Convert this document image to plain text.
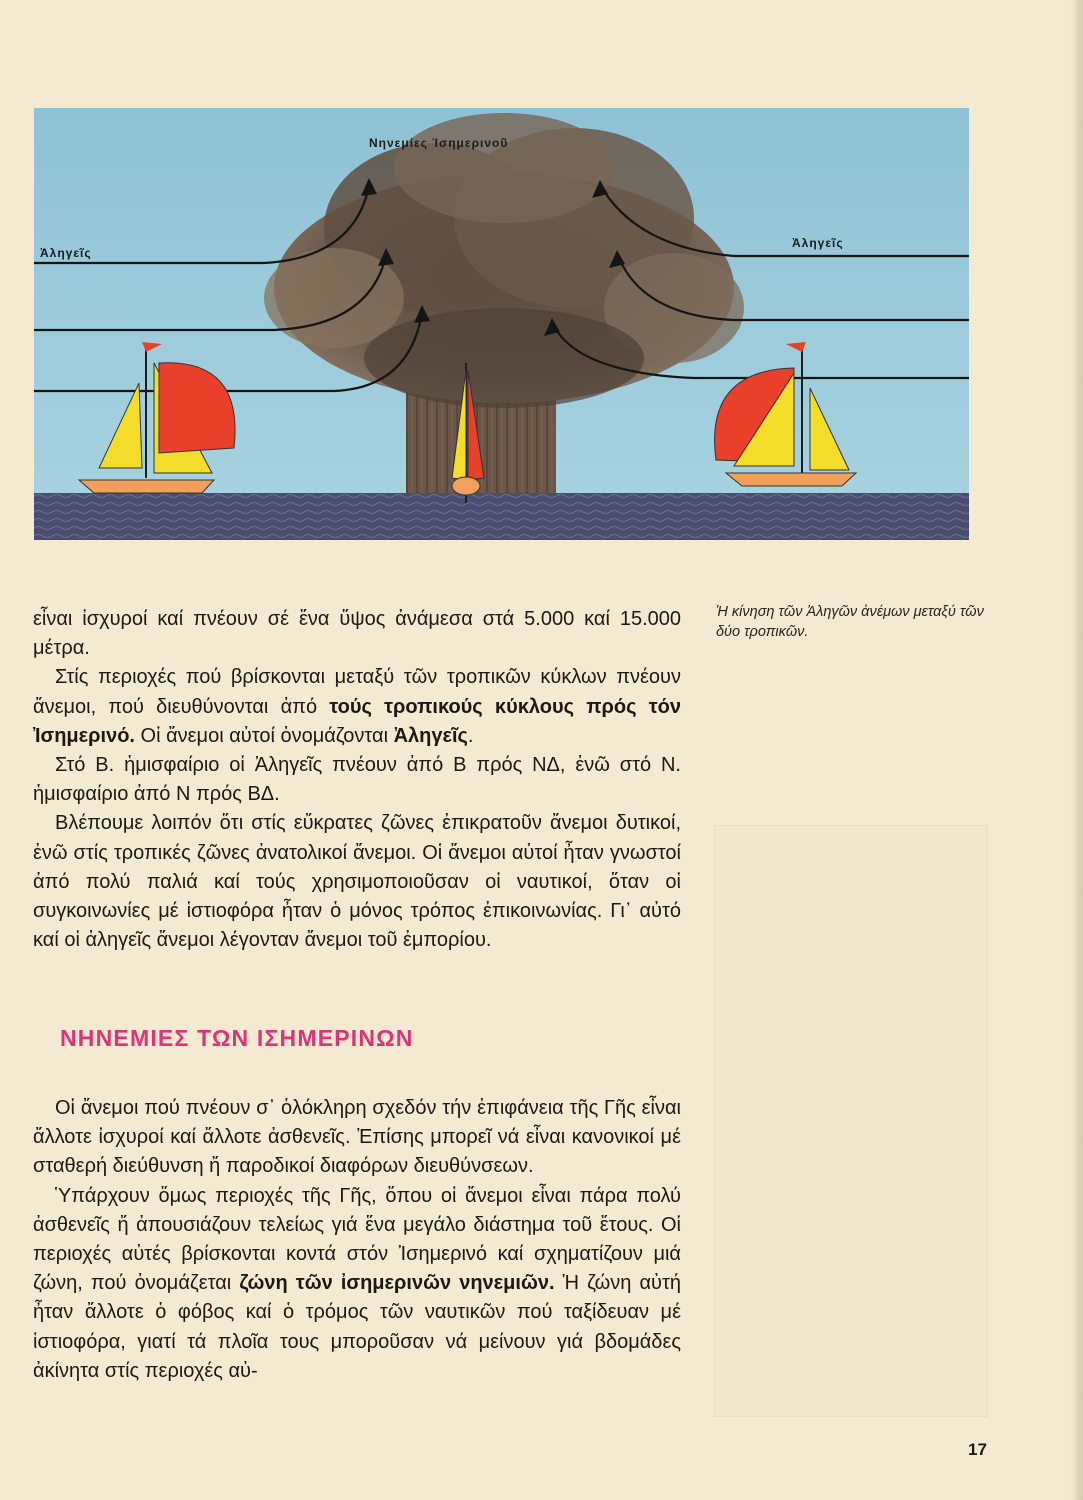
Νηνεμίες Ίσημερινοῦ
Ἀληγεῖς
Ἀληγεῖς
Ἡ κίνηση τῶν Ἀληγῶν ἀνέμων μεταξύ τῶν δύο τροπικῶν.

εἶναι ἰσχυροί καί πνέουν σέ ἕνα ὕψος ἀνάμεσα στά 5.000 καί 15.000 μέτρα.

Στίς περιοχές πού βρίσκονται μεταξύ τῶν τροπικῶν κύκλων πνέουν ἄνεμοι, πού διευθύνονται ἀπό τούς τροπικούς κύκλους πρός τόν Ἰσημερινό. Οἱ ἄνεμοι αὐτοί ὀνομάζονται Ἀληγεῖς.

Στό Β. ἡμισφαίριο οἱ Ἀληγεῖς πνέουν ἀπό Β πρός ΝΔ, ἐνῶ στό Ν. ἡμισφαίριο ἀπό Ν πρός ΒΔ.

Βλέπουμε λοιπόν ὅτι στίς εὔκρατες ζῶνες ἐπικρατοῦν ἄνεμοι δυτικοί, ἐνῶ στίς τροπικές ζῶνες ἀνατολικοί ἄνεμοι. Οἱ ἄνεμοι αὐτοί ἦταν γνωστοί ἀπό πολύ παλιά καί τούς χρησιμοποιοῦσαν οἱ ναυτικοί, ὅταν οἱ συγκοινωνίες μέ ἱστιοφόρα ἦταν ὁ μόνος τρόπος ἐπικοινωνίας. Γι᾿ αὐτό καί οἱ ἀληγεῖς ἄνεμοι λέγονταν ἄνεμοι τοῦ ἐμπορίου.

ΝΗΝΕΜΙΕΣ ΤΩΝ ΙΣΗΜΕΡΙΝΩΝ

Οἱ ἄνεμοι πού πνέουν σ᾿ ὁλόκληρη σχεδόν τήν ἐπιφάνεια τῆς Γῆς εἶναι ἄλλοτε ἰσχυροί καί ἄλλοτε ἀσθενεῖς. Ἐπίσης μπορεῖ νά εἶναι κανονικοί μέ σταθερή διεύθυνση ἤ παροδικοί διαφόρων διευθύνσεων.

Ὑπάρχουν ὅμως περιοχές τῆς Γῆς, ὅπου οἱ ἄνεμοι εἶναι πάρα πολύ ἀσθενεῖς ἤ ἀπουσιάζουν τελείως γιά ἕνα μεγάλο διάστημα τοῦ ἔτους. Οἱ περιοχές αὐτές βρίσκονται κοντά στόν Ἰσημερινό καί σχηματίζουν μιά ζώνη, πού ὀνομάζεται ζώνη τῶν ἰσημερινῶν νηνεμιῶν. Ἡ ζώνη αὐτή ἦταν ἄλλοτε ὁ φόβος καί ὁ τρόμος τῶν ναυτικῶν πού ταξίδευαν μέ ἱστιοφόρα, γιατί τά πλοῖα τους μποροῦσαν νά μείνουν γιά βδομάδες ἀκίνητα στίς περιοχές αὐ-

17
